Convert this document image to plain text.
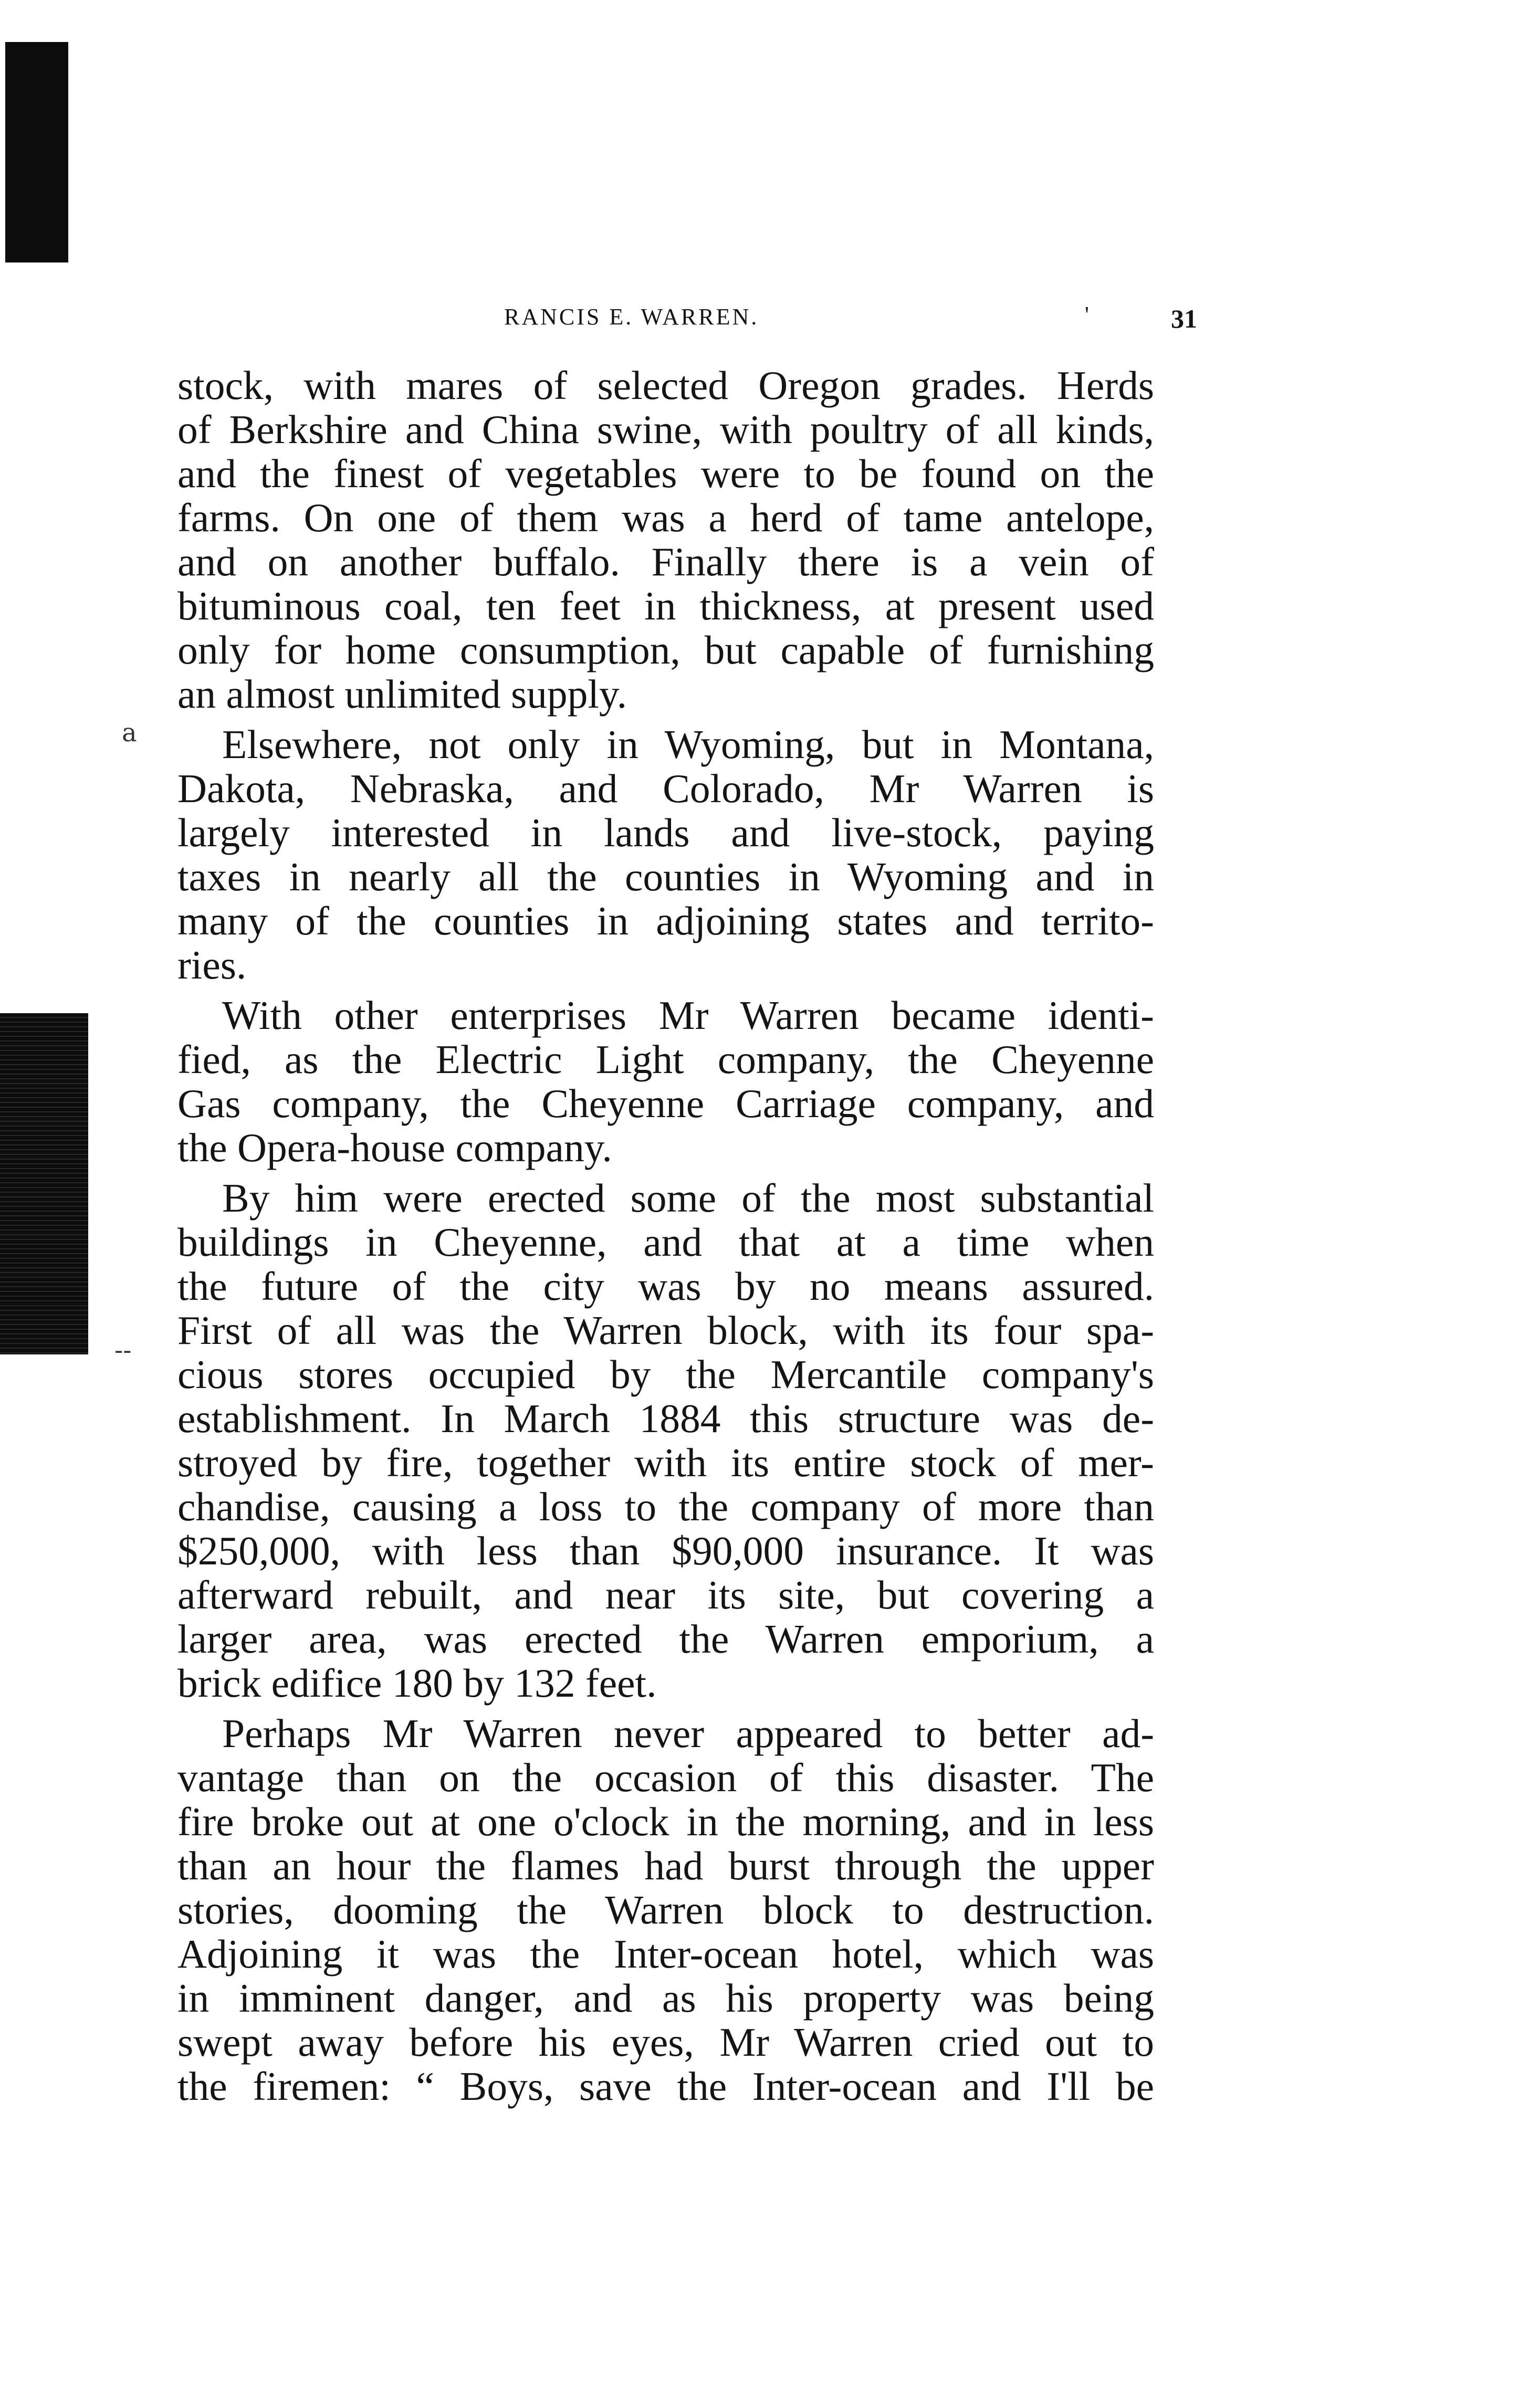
RANCIS E. WARREN.	'	31
a
--
stock, with mares of selected Oregon grades. Herds
of Berkshire and China swine, with poultry of all kinds,
and the finest of vegetables were to be found on the
farms. On one of them was a herd of tame antelope,
and on another buffalo. Finally there is a vein of
bituminous coal, ten feet in thickness, at present used
only for home consumption, but capable of furnishing
an almost unlimited supply.
Elsewhere, not only in Wyoming, but in Montana,
Dakota, Nebraska, and Colorado, Mr Warren is
largely interested in lands and live-stock, paying
taxes in nearly all the counties in Wyoming and in
many of the counties in adjoining states and territo-
ries.
With other enterprises Mr Warren became identi-
fied, as the Electric Light company, the Cheyenne
Gas company, the Cheyenne Carriage company, and
the Opera-house company.
By him were erected some of the most substantial
buildings in Cheyenne, and that at a time when
the future of the city was by no means assured.
First of all was the Warren block, with its four spa-
cious stores occupied by the Mercantile company's
establishment. In March 1884 this structure was de-
stroyed by fire, together with its entire stock of mer-
chandise, causing a loss to the company of more than
$250,000, with less than $90,000 insurance. It was
afterward rebuilt, and near its site, but covering a
larger area, was erected the Warren emporium, a
brick edifice 180 by 132 feet.
Perhaps Mr Warren never appeared to better ad-
vantage than on the occasion of this disaster. The
fire broke out at one o'clock in the morning, and in less
than an hour the flames had burst through the upper
stories, dooming the Warren block to destruction.
Adjoining it was the Inter-ocean hotel, which was
in imminent danger, and as his property was being
swept away before his eyes, Mr Warren cried out to
the firemen: “ Boys, save the Inter-ocean and I'll be
